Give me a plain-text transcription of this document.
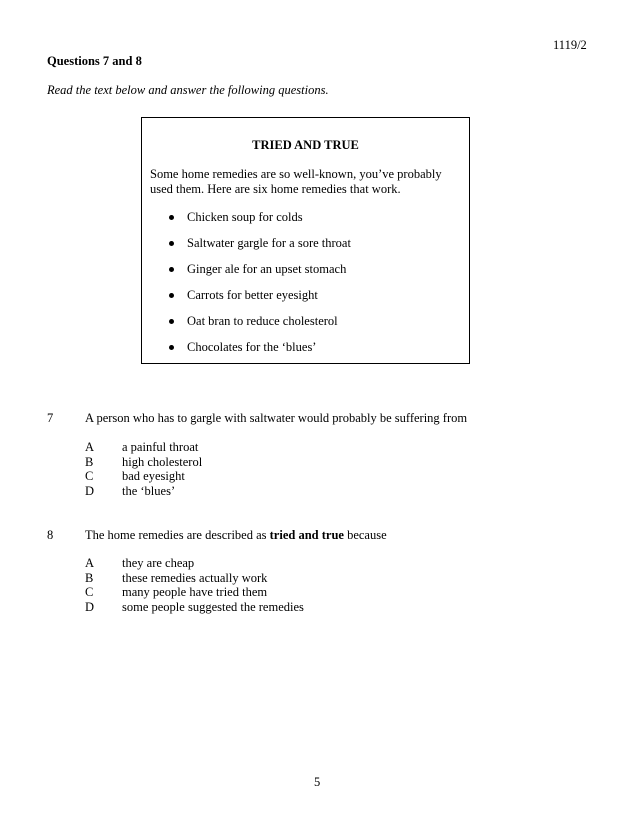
1119/2
Questions 7 and 8
Read the text below and answer the following questions.
TRIED AND TRUE
Some home remedies are so well-known, you’ve probably used them. Here are six home remedies that work.
Chicken soup for colds
Saltwater gargle for a sore throat
Ginger ale for an upset stomach
Carrots for better eyesight
Oat bran to reduce cholesterol
Chocolates for the ‘blues’
7	A person who has to gargle with saltwater would probably be suffering from
A a painful throat
B high cholesterol
C bad eyesight
D the ‘blues’
8	The home remedies are described as tried and true because
A they are cheap
B these remedies actually work
C many people have tried them
D some people suggested the remedies
5
